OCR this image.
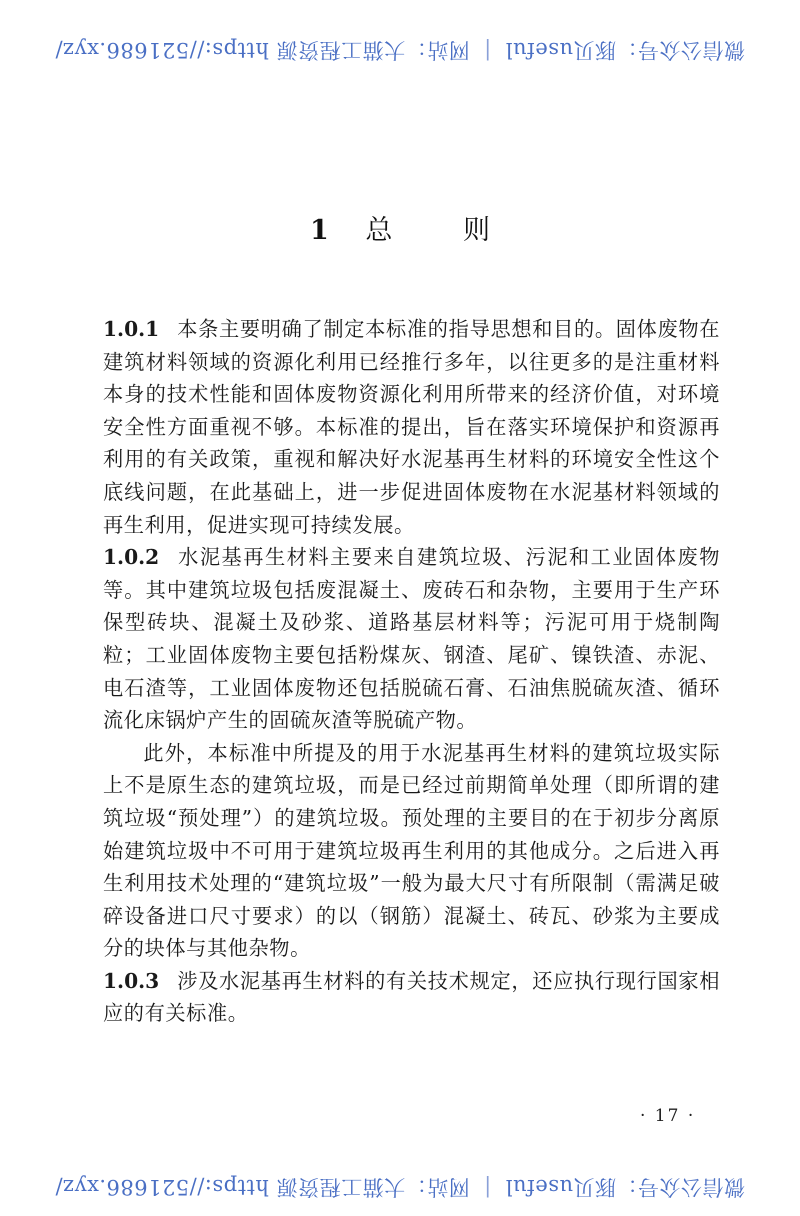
微信公众号：豚贝useful
|
网站：大猫工程资源 https://521686.xyz/
1 总	则

1.0.1 本条主要明确了制定本标准的指导思想和目的。固体废物在建筑材料领域的资源化利用已经推行多年，以往更多的是注重材料本身的技术性能和固体废物资源化利用所带来的经济价值，对环境安全性方面重视不够。本标准的提出，旨在落实环境保护和资源再利用的有关政策，重视和解决好水泥基再生材料的环境安全性这个底线问题，在此基础上，进一步促进固体废物在水泥基材料领域的再生利用，促进实现可持续发展。

1.0.2 水泥基再生材料主要来自建筑垃圾、污泥和工业固体废物等。其中建筑垃圾包括废混凝土、废砖石和杂物，主要用于生产环保型砖块、混凝土及砂浆、道路基层材料等；污泥可用于烧制陶粒；工业固体废物主要包括粉煤灰、钢渣、尾矿、镍铁渣、赤泥、电石渣等，工业固体废物还包括脱硫石膏、石油焦脱硫灰渣、循环流化床锅炉产生的固硫灰渣等脱硫产物。

此外，本标准中所提及的用于水泥基再生材料的建筑垃圾实际上不是原生态的建筑垃圾，而是已经过前期简单处理（即所谓的建筑垃圾“预处理”）的建筑垃圾。预处理的主要目的在于初步分离原始建筑垃圾中不可用于建筑垃圾再生利用的其他成分。之后进入再生利用技术处理的“建筑垃圾”一般为最大尺寸有所限制（需满足破碎设备进口尺寸要求）的以（钢筋）混凝土、砖瓦、砂浆为主要成分的块体与其他杂物。

1.0.3 涉及水泥基再生材料的有关技术规定，还应执行现行国家相应的有关标准。

· 17 ·
微信公众号：豚贝useful
|
网站：大猫工程资源 https://521686.xyz/
